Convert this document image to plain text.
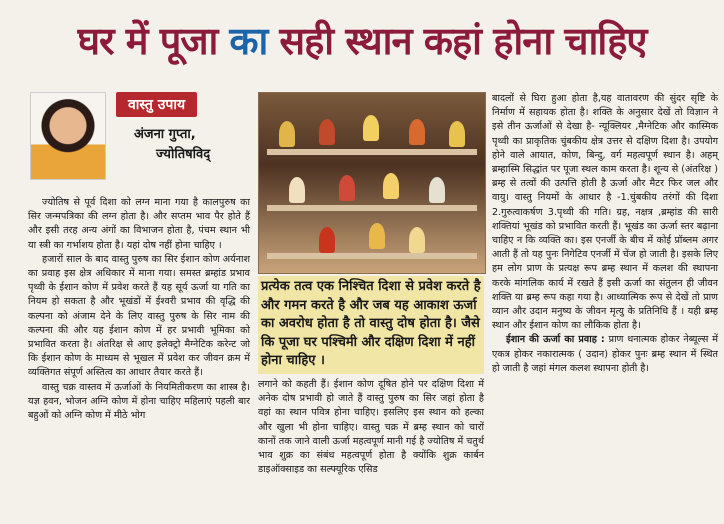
घर में पूजा का सही स्थान कहां होना चाहिए
वास्तु उपाय
अंजना गुप्ता,
ज्योतिषविद्

ज्योतिष से पूर्व दिशा को लग्न माना गया है कालपुरुष का सिर जन्मपत्रिका की लग्न होता है। और सप्तम भाव पैर होते हैं और इसी तरह अन्य अंगों का विभाजन होता है, पंचम स्थान भी या स्त्री का गर्भाशय होता है। यहां दोष नहीं होना चाहिए ।

हजारों साल के बाद वास्तु पुरुष का सिर ईशान कोण अर्यनाश का प्रवाह इस क्षेत्र अधिकार में माना गया। समस्त ब्रम्हांड प्रभाव पृथ्वी के ईशान कोण में प्रवेश करते हैं यह सूर्य ऊर्जा या गति का नियम हो सकता है और भूखंडों में ईश्वरी प्रभाव की वृद्धि की कल्पना को अंजाम देने के लिए वास्तु पुरुष के सिर नाम की कल्पना की और यह ईशान कोण में हर प्रभावी भूमिका को प्रभावित करता है। अंतरिक्ष से आए इलेक्ट्रो मैग्नेटिक करेन्ट जो कि ईशान कोण के माध्यम से भूखल में प्रवेश कर जीवन क्रम में व्यक्तिगत संपूर्ण अस्तित्व का आधार तैयार करते हैं।

वास्तु चक्र वास्तव में ऊर्जाओं के नियमितीकरण का शास्त्र है। यज्ञ हवन, भोजन अग्नि कोण में होना चाहिए महिलाएं पहली बार बहुओं को अग्नि कोण में मीठे भोग

प्रत्येक तत्व एक निश्चित दिशा से प्रवेश करते है और गमन करते है और जब यह आकाश ऊर्जा का अवरोध होता है तो वास्तु दोष होता है। जैसे कि पूजा घर पश्चिमी और दक्षिण दिशा में नहीं होना चाहिए ।

लगाने को कहती हैं। ईशान कोण दूषित होने पर दक्षिण दिशा में अनेक दोष प्रभावी हो जाते हैं वास्तु पुरुष का सिर जहां होता है वहां का स्थान पवित्र होना चाहिए। इसलिए इस स्थान को हल्का और खुला भी होना चाहिए। वास्तु चक्र में ब्रम्ह स्थान को चारों कानों तक जाने वाली ऊर्जा महत्वपूर्ण मानी गई है ज्योतिष में चतुर्थ भाव शुक्र का संबंध महत्वपूर्ण होता है क्योंकि शुक्र कार्बन डाइऑक्साइड का सल्फ्यूरिक एसिड

बादलों से घिरा हुआ होता है,यह वातावरण की सुंदर सृष्टि के निर्माण में सहायक होता है। शक्ति के अनुसार देखें तो विज्ञान ने इसे तीन ऊर्जाओं से देखा है- न्यूक्लियर ,मैग्नेटिक और कास्मिक पृथ्वी का प्राकृतिक चुंबकीय क्षेत्र उत्तर से दक्षिण दिशा है। उपयोग होने वाले आयात, कोण, बिन्दु, वर्ग महत्वपूर्ण स्थान है। अहम् ब्रम्हास्मि सिद्धांत पर पूजा स्थल काम करता है। शून्य से (अंतरिक्ष ) ब्रम्ह से तत्वों की उत्पत्ति होती है ऊर्जा और मैटर फिर जल और वायु। वास्तु नियमों के आधार है -1.चुंबकीय तरंगों की दिशा 2.गुरुत्वाकर्षण 3.पृथ्वी की गति। ग्रह, नक्षत्र ,ब्रम्हांड की सारी शक्तियां भूखंड को प्रभावित करती हैं। भूखंड का ऊर्जा स्तर बढ़ाना चाहिए न कि व्यक्ति का। इस एनर्जी के बीच में कोई प्रॉब्लम अगर आती हैं तो यह पुनः निगेटिव एनर्जी में चेंज हो जाती है। इसके लिए हम लोग प्राण के प्रत्यक्ष रूप ब्रम्ह स्थान में कलश की स्थापना करके मांगलिक कार्य में रखते हैं इसी ऊर्जा का संतुलन ही जीवन शक्ति या ब्रम्ह रूप कहा गया है। आध्यात्मिक रूप से देखें तो प्राण व्यान और उदान मनुष्य के जीवन मृत्यु के प्रतिनिधि हैं । यही ब्रम्ह स्थान और ईशान कोण का लौकिक होता है।

ईशान की ऊर्जा का प्रवाह : प्राण धनात्मक होकर नेब्यूल्स में एकत्र होकर नकारात्मक ( उदान) होकर पुनः ब्रम्ह स्थान में स्थित हो जाती है जहां मंगल कलश स्थापना होती है।
